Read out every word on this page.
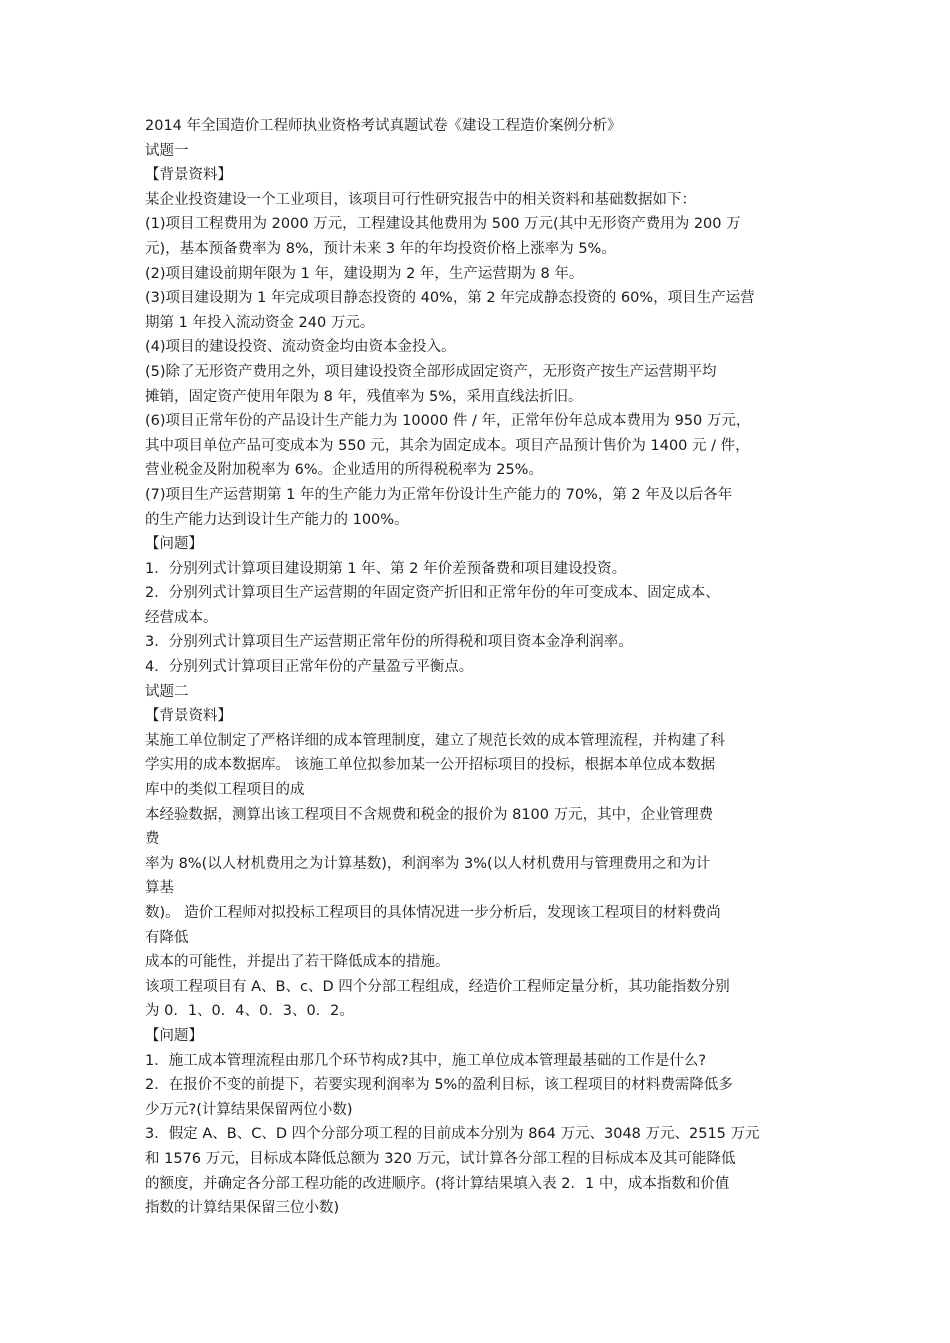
2014 年全国造价工程师执业资格考试真题试卷《建设工程造价案例分析》
试题一
【背景资料】
某企业投资建设一个工业项目，该项目可行性研究报告中的相关资料和基础数据如下：
(1)项目工程费用为 2000 万元，工程建设其他费用为 500 万元(其中无形资产费用为 200 万
元)，基本预备费率为 8%，预计未来 3 年的年均投资价格上涨率为 5%。
(2)项目建设前期年限为 1 年，建设期为 2 年，生产运营期为 8 年。
(3)项目建设期为 1 年完成项目静态投资的 40%，第 2 年完成静态投资的 60%，项目生产运营
期第 1 年投入流动资金 240 万元。
(4)项目的建设投资、流动资金均由资本金投入。
(5)除了无形资产费用之外，项目建设投资全部形成固定资产，无形资产按生产运营期平均
摊销，固定资产使用年限为 8 年，残值率为 5%，采用直线法折旧。
(6)项目正常年份的产品设计生产能力为 10000 件 / 年，正常年份年总成本费用为 950 万元，
其中项目单位产品可变成本为 550 元，其余为固定成本。项目产品预计售价为 1400 元 / 件，
营业税金及附加税率为 6%。企业适用的所得税税率为 25%。
(7)项目生产运营期第 1 年的生产能力为正常年份设计生产能力的 70%，第 2 年及以后各年
的生产能力达到设计生产能力的 100%。
【问题】
1．分别列式计算项目建设期第 1 年、第 2 年价差预备费和项目建设投资。
2．分别列式计算项目生产运营期的年固定资产折旧和正常年份的年可变成本、固定成本、
经营成本。
3．分别列式计算项目生产运营期正常年份的所得税和项目资本金净利润率。
4．分别列式计算项目正常年份的产量盈亏平衡点。
试题二
【背景资料】
某施工单位制定了严格详细的成本管理制度，建立了规范长效的成本管理流程，并构建了科
学实用的成本数据库。 该施工单位拟参加某一公开招标项目的投标，根据本单位成本数据
库中的类似工程项目的成
本经验数据，测算出该工程项目不含规费和税金的报价为 8100 万元，其中，企业管理费
费
率为 8%(以人材机费用之为计算基数)，利润率为 3%(以人材机费用与管理费用之和为计
算基
数)。 造价工程师对拟投标工程项目的具体情况进一步分析后，发现该工程项目的材料费尚
有降低
成本的可能性，并提出了若干降低成本的措施。
该项工程项目有 A、B、c、D 四个分部工程组成，经造价工程师定量分析，其功能指数分别
为 0．1、0．4、0．3、0．2。
【问题】
1．施工成本管理流程由那几个环节构成?其中，施工单位成本管理最基础的工作是什么?
2．在报价不变的前提下，若要实现利润率为 5%的盈利目标，该工程项目的材料费需降低多
少万元?(计算结果保留两位小数)
3．假定 A、B、C、D 四个分部分项工程的目前成本分别为 864 万元、3048 万元、2515 万元
和 1576 万元，目标成本降低总额为 320 万元，试计算各分部工程的目标成本及其可能降低
的额度，并确定各分部工程功能的改进顺序。(将计算结果填入表 2．1 中，成本指数和价值
指数的计算结果保留三位小数)
